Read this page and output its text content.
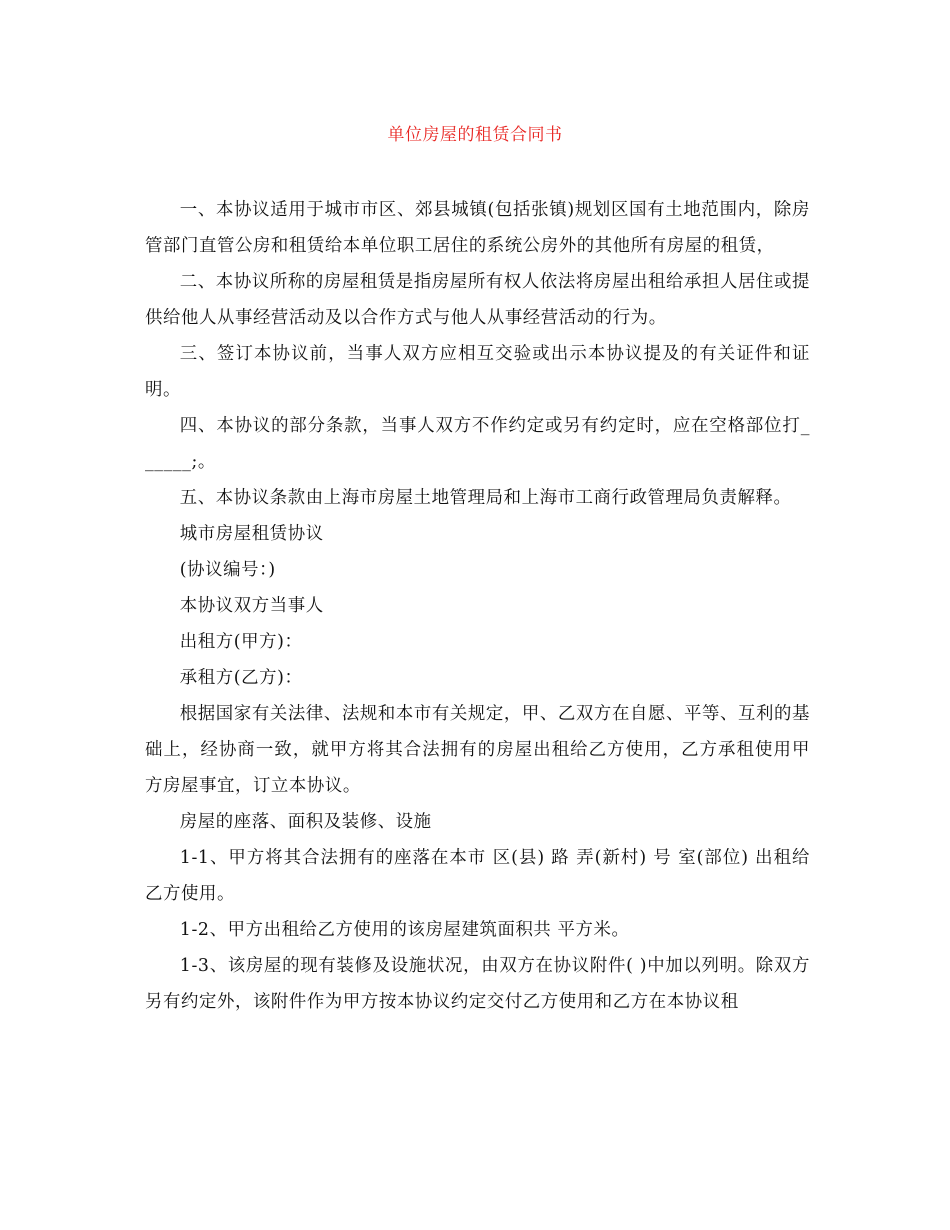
单位房屋的租赁合同书

一、本协议适用于城市市区、郊县城镇(包括张镇)规划区国有土地范围内，除房管部门直管公房和租赁给本单位职工居住的系统公房外的其他所有房屋的租赁，

二、本协议所称的房屋租赁是指房屋所有权人依法将房屋出租给承担人居住或提供给他人从事经营活动及以合作方式与他人从事经营活动的行为。

三、签订本协议前，当事人双方应相互交验或出示本协议提及的有关证件和证明。

四、本协议的部分条款，当事人双方不作约定或另有约定时，应在空格部位打______;。

五、本协议条款由上海市房屋土地管理局和上海市工商行政管理局负责解释。

城市房屋租赁协议

(协议编号：)

本协议双方当事人

出租方(甲方)：

承租方(乙方)：

根据国家有关法律、法规和本市有关规定，甲、乙双方在自愿、平等、互利的基础上，经协商一致，就甲方将其合法拥有的房屋出租给乙方使用，乙方承租使用甲方房屋事宜，订立本协议。

房屋的座落、面积及装修、设施

1-1、甲方将其合法拥有的座落在本市 区(县) 路 弄(新村) 号 室(部位) 出租给乙方使用。

1-2、甲方出租给乙方使用的该房屋建筑面积共 平方米。

1-3、该房屋的现有装修及设施状况，由双方在协议附件( )中加以列明。除双方另有约定外，该附件作为甲方按本协议约定交付乙方使用和乙方在本协议租
